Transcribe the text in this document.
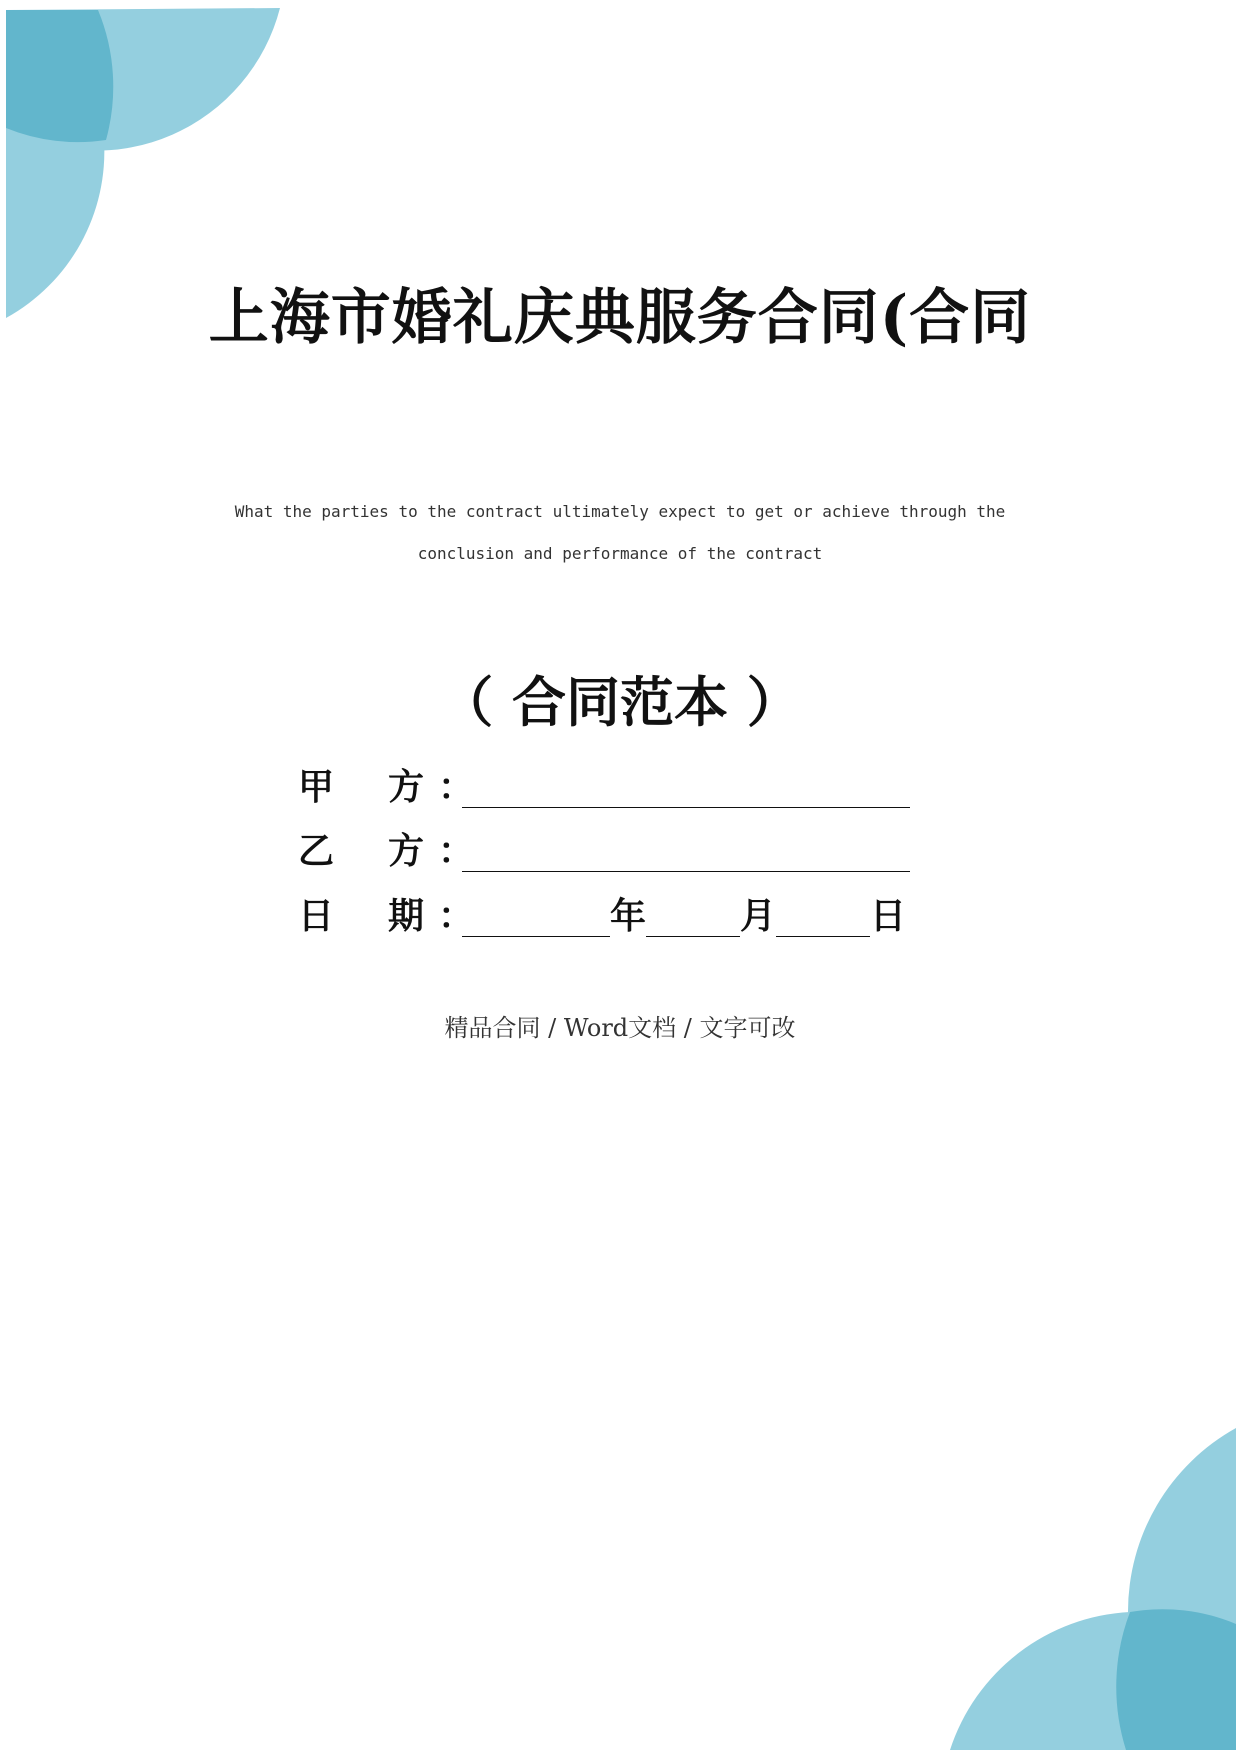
上海市婚礼庆典服务合同(合同
What the parties to the contract ultimately expect to get or achieve through the
conclusion and performance of the contract
（ 合同范本 ）
甲	方 ：
乙	方 ：
日	期 ：	年	月	日
精品合同 / Word文档 / 文字可改
